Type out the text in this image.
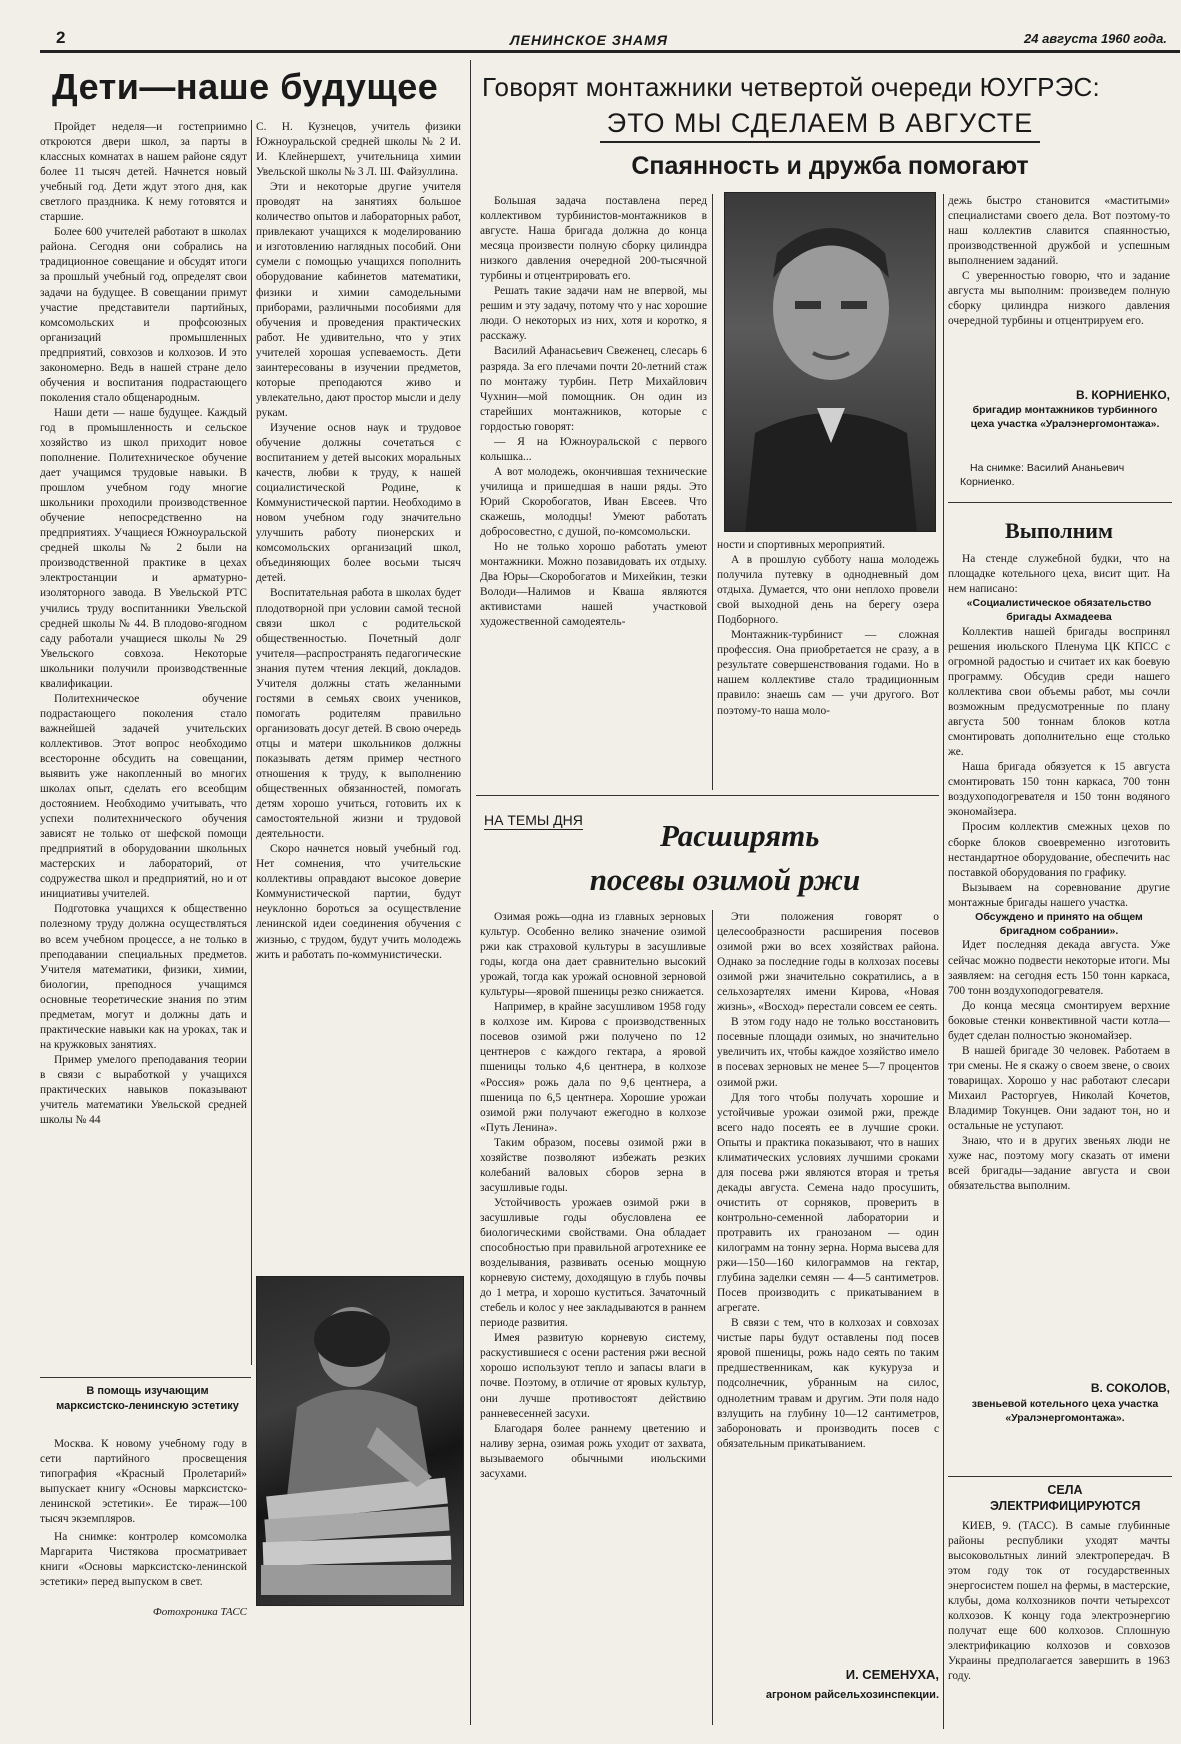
2	ЛЕНИНСКОЕ ЗНАМЯ	24 августа 1960 года.
Дети—наше будущее

Пройдет неделя—и гостеприимно откроются двери школ, за парты в классных комнатах в нашем районе сядут более 11 тысяч детей. Начнется новый учебный год. Дети ждут этого дня, как светлого праздника. К нему готовятся и старшие.

Более 600 учителей работают в школах района. Сегодня они собрались на традиционное совещание и обсудят итоги за прошлый учебный год, определят свои задачи на будущее. В совещании примут участие представители партийных, комсомольских и профсоюзных организаций промышленных предприятий, совхозов и колхозов. И это закономерно. Ведь в нашей стране дело обучения и воспитания подрастающего поколения стало общенародным.

Наши дети — наше будущее. Каждый год в промышленность и сельское хозяйство из школ приходит новое пополнение. Политехническое обучение дает учащимся трудовые навыки. В прошлом учебном году многие школьники проходили производственное обучение непосредственно на предприятиях. Учащиеся Южноуральской средней школы № 2 были на производственной практике в цехах электростанции и арматурно-изоляторного завода. В Увельской РТС учились труду воспитанники Увельской средней школы № 44. В плодово-ягодном саду работали учащиеся школы № 29 Увельского совхоза. Некоторые школьники получили производственные квалификации.

Политехническое обучение подрастающего поколения стало важнейшей задачей учительских коллективов. Этот вопрос необходимо всесторонне обсудить на совещании, выявить уже накопленный во многих школах опыт, сделать его всеобщим достоянием. Необходимо учитывать, что успехи политехнического обучения зависят не только от шефской помощи предприятий в оборудовании школьных мастерских и лабораторий, от содружества школ и предприятий, но и от инициативы учителей.

Подготовка учащихся к общественно полезному труду должна осуществляться во всем учебном процессе, а не только в преподавании специальных предметов. Учителя математики, физики, химии, биологии, преподнося учащимся основные теоретические знания по этим предметам, могут и должны дать и практические навыки как на уроках, так и на кружковых занятиях.

Пример умелого преподавания теории в связи с выработкой у учащихся практических навыков показывают учитель математики Увельской средней школы № 44

С. Н. Кузнецов, учитель физики Южноуральской средней школы № 2 И. И. Клейнершехт, учительница химии Увельской школы № 3 Л. Ш. Файзуллина.

Эти и некоторые другие учителя проводят на занятиях большое количество опытов и лабораторных работ, привлекают учащихся к моделированию и изготовлению наглядных пособий. Они сумели с помощью учащихся пополнить оборудование кабинетов математики, физики и химии самодельными приборами, различными пособиями для обучения и проведения практических работ. Не удивительно, что у этих учителей хорошая успеваемость. Дети заинтересованы в изучении предметов, которые преподаются живо и увлекательно, дают простор мысли и делу рукам.

Изучение основ наук и трудовое обучение должны сочетаться с воспитанием у детей высоких моральных качеств, любви к труду, к нашей социалистической Родине, к Коммунистической партии. Необходимо в новом учебном году значительно улучшить работу пионерских и комсомольских организаций школ, объединяющих более восьми тысяч детей.

Воспитательная работа в школах будет плодотворной при условии самой тесной связи школ с родительской общественностью. Почетный долг учителя—распространять педагогические знания путем чтения лекций, докладов. Учителя должны стать желанными гостями в семьях своих учеников, помогать родителям правильно организовать досуг детей. В свою очередь отцы и матери школьников должны показывать детям пример честного отношения к труду, к выполнению общественных обязанностей, помогать детям хорошо учиться, готовить их к самостоятельной жизни и трудовой деятельности.

Скоро начнется новый учебный год. Нет сомнения, что учительские коллективы оправдают высокое доверие Коммунистической партии, будут неуклонно бороться за осуществление ленинской идеи соединения обучения с жизнью, с трудом, будут учить молодежь жить и работать по-коммунистически.

В помощь изучающим марксистско-ленинскую эстетику
Москва. К новому учебному году в сети партийного просвещения типография «Красный Пролетарий» выпускает книгу «Основы марксистско-ленинской эстетики». Ее тираж—100 тысяч экземпляров.
На снимке: контролер комсомолка Маргарита Чистякова просматривает книги «Основы марксистско-ленинской эстетики» перед выпуском в свет.
Фотохроника ТАСС
Говорят монтажники четвертой очереди ЮУГРЭС:
ЭТО МЫ СДЕЛАЕМ В АВГУСТЕ
Спаянность и дружба помогают

Большая задача поставлена перед коллективом турбинистов-монтажников в августе. Наша бригада должна до конца месяца произвести полную сборку цилиндра низкого давления очередной 200-тысячной турбины и отцентрировать его.

Решать такие задачи нам не впервой, мы решим и эту задачу, потому что у нас хорошие люди. О некоторых из них, хотя и коротко, я расскажу.

Василий Афанасьевич Свеженец, слесарь 6 разряда. За его плечами почти 20-летний стаж по монтажу турбин. Петр Михайлович Чухнин—мой помощник. Он один из старейших монтажников, которые с гордостью говорят:

— Я на Южноуральской с первого колышка...

А вот молодежь, окончившая технические училища и пришедшая в наши ряды. Это Юрий Скоробогатов, Иван Евсеев. Что скажешь, молодцы! Умеют работать добросовестно, с душой, по-комсомольски.

Но не только хорошо работать умеют монтажники. Можно позавидовать их отдыху. Два Юры—Скоробогатов и Михейкин, тезки Володи—Налимов и Кваша являются активистами нашей участковой художественной самодеятель-

ности и спортивных мероприятий.

А в прошлую субботу наша молодежь получила путевку в однодневный дом отдыха. Думается, что они неплохо провели свой выходной день на берегу озера Подборного.

Монтажник-турбинист — сложная профессия. Она приобретается не сразу, а в результате совершенствования годами. Но в нашем коллективе стало традиционным правило: знаешь сам — учи другого. Вот поэтому-то наша моло-

дежь быстро становится «маститыми» специалистами своего дела. Вот поэтому-то наш коллектив славится спаянностью, производственной дружбой и успешным выполнением заданий.

С уверенностью говорю, что и задание августа мы выполним: произведем полную сборку цилиндра низкого давления очередной турбины и отцентрируем его.

В. КОРНИЕНКО,
бригадир монтажников турбинного цеха участка «Уралэнергомонтажа».
На снимке: Василий Ананьевич Корниенко.
Выполним

На стенде служебной будки, что на площадке котельного цеха, висит щит. На нем написано:

«Социалистическое обязательство бригады Ахмадеева

Коллектив нашей бригады воспринял решения июльского Пленума ЦК КПСС с огромной радостью и считает их как боевую программу. Обсудив среди нашего коллектива свои объемы работ, мы сочли возможным предусмотренные по плану августа 500 тоннам блоков котла смонтировать дополнительно еще столько же.

Наша бригада обязуется к 15 августа смонтировать 150 тонн каркаса, 700 тонн воздухоподогревателя и 150 тонн водяного экономайзера.

Просим коллектив смежных цехов по сборке блоков своевременно изготовить нестандартное оборудование, обеспечить нас поставкой оборудования по графику.

Вызываем на соревнование другие монтажные бригады нашего участка.

Обсуждено и принято на общем бригадном собрании».

Идет последняя декада августа. Уже сейчас можно подвести некоторые итоги. Мы заявляем: на сегодня есть 150 тонн каркаса, 700 тонн воздухоподогревателя.

До конца месяца смонтируем верхние боковые стенки конвективной части котла—будет сделан полностью экономайзер.

В нашей бригаде 30 человек. Работаем в три смены. Не я скажу о своем звене, о своих товарищах. Хорошо у нас работают слесари Михаил Расторгуев, Николай Кочетов, Владимир Токунцев. Они задают тон, но и остальные не уступают.

Знаю, что и в других звеньях люди не хуже нас, поэтому могу сказать от имени всей бригады—задание августа и свои обязательства выполним.

В. СОКОЛОВ,
звеньевой котельного цеха участка «Уралэнергомонтажа».
СЕЛА ЭЛЕКТРИФИЦИРУЮТСЯ
КИЕВ, 9. (ТАСС). В самые глубинные районы республики уходят мачты высоковольтных линий электропередач. В этом году ток от государственных энергосистем пошел на фермы, в мастерские, клубы, дома колхозников почти четырехсот колхозов. К концу года электроэнергию получат еще 600 колхозов. Сплошную электрификацию колхозов и совхозов Украины предполагается завершить в 1963 году.
НА ТЕМЫ ДНЯ Расширять
посевы озимой ржи

Озимая рожь—одна из главных зерновых культур. Особенно велико значение озимой ржи как страховой культуры в засушливые годы, когда она дает сравнительно высокий урожай, тогда как урожай основной зерновой культуры—яровой пшеницы резко снижается.

Например, в крайне засушливом 1958 году в колхозе им. Кирова с производственных посевов озимой ржи получено по 12 центнеров с каждого гектара, а яровой пшеницы только 4,6 центнера, в колхозе «Россия» рожь дала по 9,6 центнера, а пшеница по 6,5 центнера. Хорошие урожаи озимой ржи получают ежегодно в колхозе «Путь Ленина».

Таким образом, посевы озимой ржи в хозяйстве позволяют избежать резких колебаний валовых сборов зерна в засушливые годы.

Устойчивость урожаев озимой ржи в засушливые годы обусловлена ее биологическими свойствами. Она обладает способностью при правильной агротехнике ее возделывания, развивать осенью мощную корневую систему, доходящую в глубь почвы до 1 метра, и хорошо куститься. Зачаточный стебель и колос у нее закладываются в раннем периоде развития.

Имея развитую корневую систему, раскустившиеся с осени растения ржи весной хорошо используют тепло и запасы влаги в почве. Поэтому, в отличие от яровых культур, они лучше противостоят действию ранневесенней засухи.

Благодаря более раннему цветению и наливу зерна, озимая рожь уходит от захвата, вызываемого обычными июльскими засухами.

Эти положения говорят о целесообразности расширения посевов озимой ржи во всех хозяйствах района. Однако за последние годы в колхозах посевы озимой ржи значительно сократились, а в сельхозартелях имени Кирова, «Новая жизнь», «Восход» перестали совсем ее сеять.

В этом году надо не только восстановить посевные площади озимых, но значительно увеличить их, чтобы каждое хозяйство имело в посевах зерновых не менее 5—7 процентов озимой ржи.

Для того чтобы получать хорошие и устойчивые урожаи озимой ржи, прежде всего надо посеять ее в лучшие сроки. Опыты и практика показывают, что в наших климатических условиях лучшими сроками для посева ржи являются вторая и третья декады августа. Семена надо просушить, очистить от сорняков, проверить в контрольно-семенной лаборатории и протравить их гранозаном — один килограмм на тонну зерна. Норма высева для ржи—150—160 килограммов на гектар, глубина заделки семян — 4—5 сантиметров. Посев производить с прикатыванием в агрегате.

В связи с тем, что в колхозах и совхозах чистые пары будут оставлены под посев яровой пшеницы, рожь надо сеять по таким предшественникам, как кукуруза и подсолнечник, убранным на силос, однолетним травам и другим. Эти поля надо взлущить на глубину 10—12 сантиметров, забороновать и производить посев с обязательным прикатыванием.

И. СЕМЕНУХА,
агроном райсельхозинспекции.
